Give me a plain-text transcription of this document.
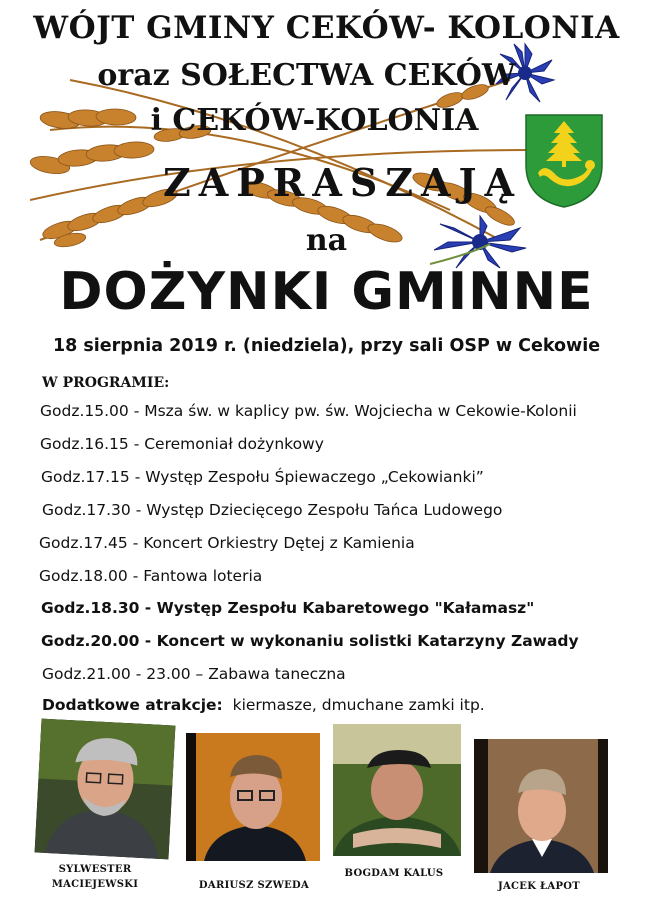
WÓJT GMINY CEKÓW- KOLONIA
oraz SOŁECTWA CEKÓW
i CEKÓW-KOLONIA
ZAPRASZAJĄ
na
DOŻYNKI GMINNE
18 sierpnia 2019 r. (niedziela), przy sali OSP w Cekowie
W PROGRAMIE:
Godz.15.00 - Msza św. w kaplicy pw. św. Wojciecha w Cekowie-Kolonii
Godz.16.15 - Ceremoniał dożynkowy
Godz.17.15 - Występ Zespołu Śpiewaczego „Cekowianki”
Godz.17.30 - Występ Dziecięcego Zespołu Tańca Ludowego
Godz.17.45 - Koncert Orkiestry Dętej z Kamienia
Godz.18.00 - Fantowa loteria
Godz.18.30 - Występ Zespołu Kabaretowego "Kałamasz"
Godz.20.00 - Koncert w wykonaniu solistki Katarzyny Zawady
Godz.21.00 - 23.00 – Zabawa taneczna
Dodatkowe atrakcje: kiermasze, dmuchane zamki itp.
SYLWESTER
MACIEJEWSKI	DARIUSZ SZWEDA
BOGDAM KALUS
JACEK ŁAPOT
